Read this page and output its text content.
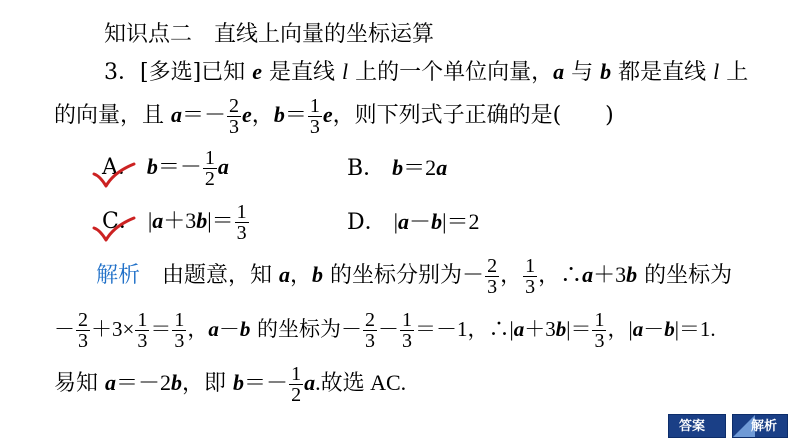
知识点二　直线上向量的坐标运算
3．[多选]已知 e 是直线 l 上的一个单位向量，a 与 b 都是直线 l 上
的向量，且 $a=- \frac{2}{3}$ e，$b= \frac{1}{3}$ e，则下列式子正确的是(　　)
A． $b=- \frac{1}{2}$ a	B． b＝2a
C． $|a+3b|= \frac{1}{3}$	D． |a－b|＝2
解析　由题意，知 a，b 的坐标分别为－ $\frac{2}{3}$ ， $\frac{1}{3}$ ，∴a＋3b 的坐标为
－ $\frac{2}{3} +3\times \frac{1}{3} = \frac{1}{3}$ ，a－b 的坐标为－ $\frac{2}{3} - \frac{1}{3} =-1$，∴|a＋3b|＝ $\frac{1}{3}$ ，|a－b|＝1.
易知 a＝－2b，即 $b=- \frac{1}{2} a$.故选 AC.
答案	解析
